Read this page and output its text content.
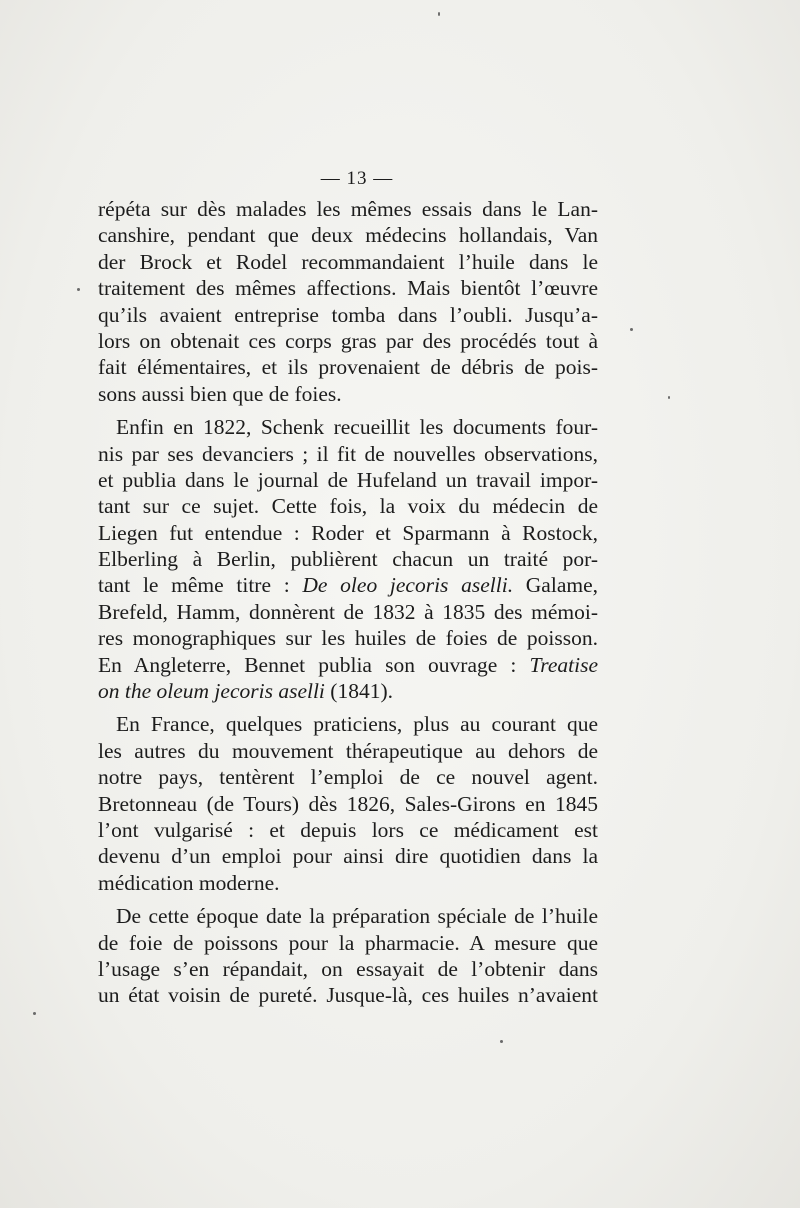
— 13 —
répéta sur dès malades les mêmes essais dans le Lan-
canshire, pendant que deux médecins hollandais, Van
der Brock et Rodel recommandaient l’huile dans le
traitement des mêmes affections. Mais bientôt l’œuvre
qu’ils avaient entreprise tomba dans l’oubli. Jusqu’a-
lors on obtenait ces corps gras par des procédés tout à
fait élémentaires, et ils provenaient de débris de pois-
sons aussi bien que de foies.
Enfin en 1822, Schenk recueillit les documents four-
nis par ses devanciers ; il fit de nouvelles observations,
et publia dans le journal de Hufeland un travail impor-
tant sur ce sujet. Cette fois, la voix du médecin de
Liegen fut entendue : Roder et Sparmann à Rostock,
Elberling à Berlin, publièrent chacun un traité por-
tant le même titre : De oleo jecoris aselli. Galame,
Brefeld, Hamm, donnèrent de 1832 à 1835 des mémoi-
res monographiques sur les huiles de foies de poisson.
En Angleterre, Bennet publia son ouvrage : Treatise
on the oleum jecoris aselli (1841).
En France, quelques praticiens, plus au courant que
les autres du mouvement thérapeutique au dehors de
notre pays, tentèrent l’emploi de ce nouvel agent.
Bretonneau (de Tours) dès 1826, Sales-Girons en 1845
l’ont vulgarisé : et depuis lors ce médicament est
devenu d’un emploi pour ainsi dire quotidien dans la
médication moderne.
De cette époque date la préparation spéciale de l’huile
de foie de poissons pour la pharmacie. A mesure que
l’usage s’en répandait, on essayait de l’obtenir dans
un état voisin de pureté. Jusque-là, ces huiles n’avaient
